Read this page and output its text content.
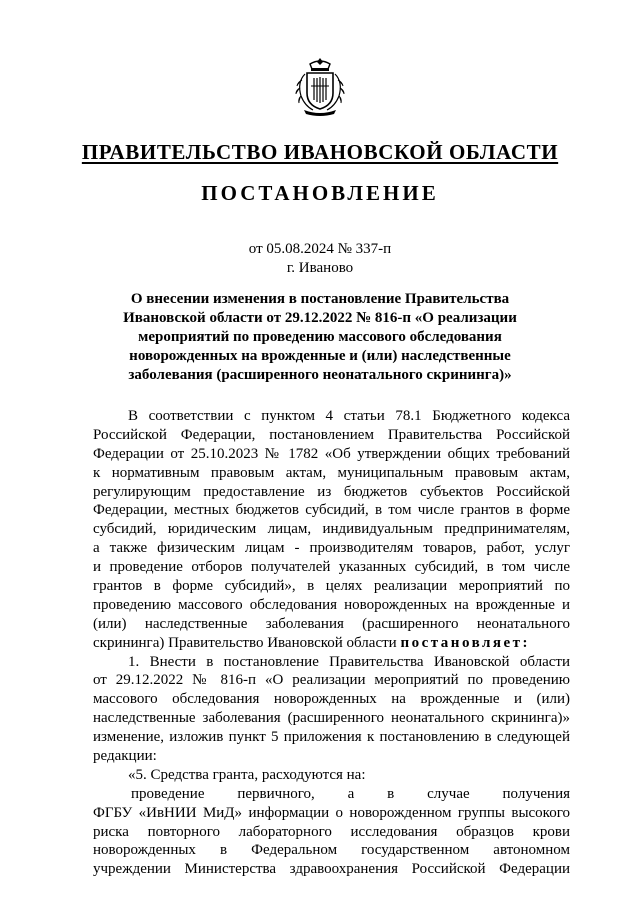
ПРАВИТЕЛЬСТВО ИВАНОВСКОЙ ОБЛАСТИ
ПОСТАНОВЛЕНИЕ
от 05.08.2024 № 337-п
г. Иваново
О внесении изменения в постановление Правительства
Ивановской области от 29.12.2022 № 816-п «О реализации
мероприятий по проведению массового обследования
новорожденных на врожденные и (или) наследственные
заболевания (расширенного неонатального скрининга)»
В соответствии с пунктом 4 статьи 78.1 Бюджетного кодекса
Российской Федерации, постановлением Правительства Российской
Федерации от 25.10.2023 № 1782 «Об утверждении общих требований
к нормативным правовым актам, муниципальным правовым актам,
регулирующим предоставление из бюджетов субъектов Российской
Федерации, местных бюджетов субсидий, в том числе грантов в форме
субсидий, юридическим лицам, индивидуальным предпринимателям,
а также физическим лицам - производителям товаров, работ, услуг
и проведение отборов получателей указанных субсидий, в том числе
грантов в форме субсидий», в целях реализации мероприятий по
проведению массового обследования новорожденных на врожденные и
(или) наследственные заболевания (расширенного неонатального
скрининга) Правительство Ивановской области постановляет:
1. Внести в постановление Правительства Ивановской области
от 29.12.2022 № 816-п «О реализации мероприятий по проведению
массового обследования новорожденных на врожденные и (или)
наследственные заболевания (расширенного неонатального скрининга)»
изменение, изложив пункт 5 приложения к постановлению в следующей
редакции:
«5. Средства гранта, расходуются на:
проведение первичного, а в случае получения
ФГБУ «ИвНИИ МиД» информации о новорожденном группы высокого
риска повторного лабораторного исследования образцов крови
новорожденных в Федеральном государственном автономном
учреждении Министерства здравоохранения Российской Федерации
